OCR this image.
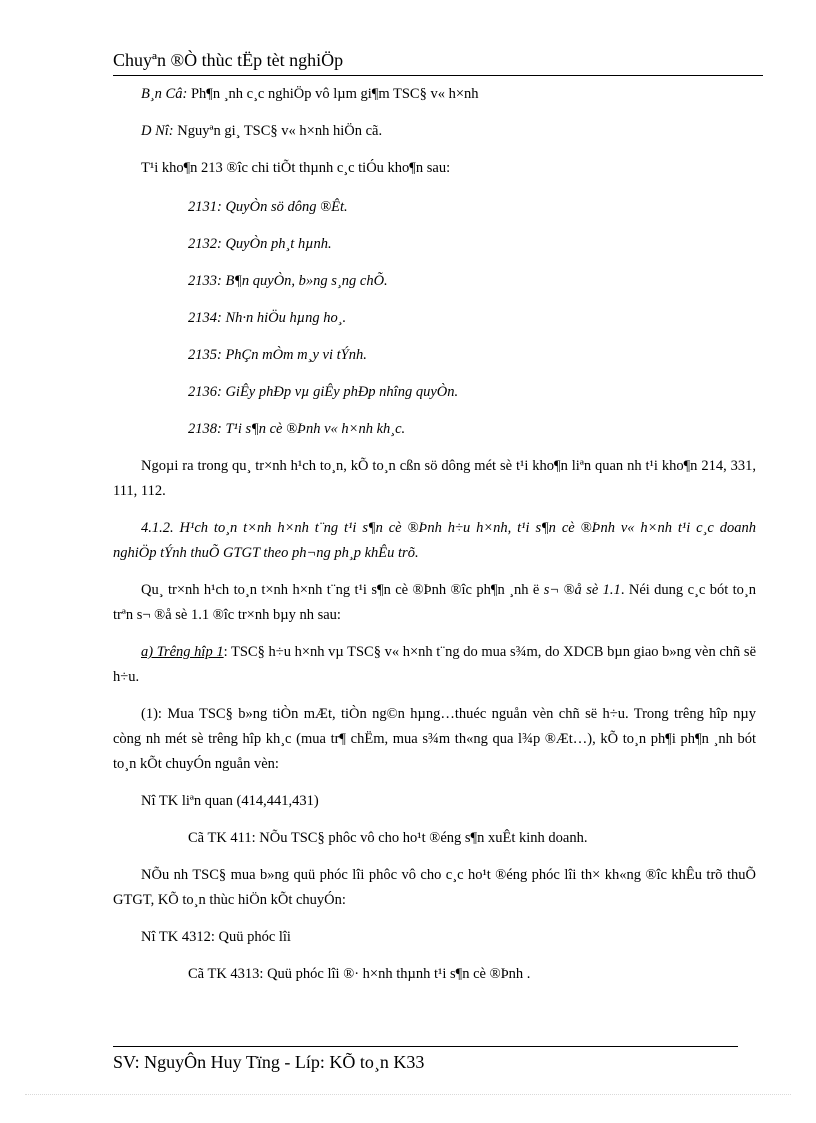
Chuyªn ®Ò thùc tËp tèt nghiÖp

B¸n Câ: Ph¶n ¸nh c¸c nghiÖp vô lµm gi¶m TSC§ v« h×nh

D Nî: Nguyªn gi¸ TSC§ v« h×nh hiÖn cã.

T¹i kho¶n 213 ®îc chi tiÕt thµnh c¸c tiÓu kho¶n sau:

2131: QuyÒn sö dông ®Êt.

2132: QuyÒn ph¸t hµnh.

2133: B¶n quyÒn, b»ng s¸ng chÕ.

2134: Nh·n hiÖu hµng ho¸.

2135: PhÇn mÒm m¸y vi tÝnh.

2136: GiÊy phÐp vµ giÊy phÐp nhîng quyÒn.

2138: T¹i s¶n cè ®Þnh v« h×nh kh¸c.

Ngoµi ra trong qu¸ tr×nh h¹ch to¸n, kÕ to¸n cßn sö dông mét sè t¹i kho¶n liªn quan nh t¹i kho¶n 214, 331, 111, 112.

4.1.2. H¹ch to¸n t×nh h×nh t¨ng t¹i s¶n cè ®Þnh h÷u h×nh, t¹i s¶n cè ®Þnh v« h×nh t¹i c¸c doanh nghiÖp tÝnh thuÕ GTGT theo ph¬ng ph¸p khÊu trõ.

Qu¸ tr×nh h¹ch to¸n t×nh h×nh t¨ng t¹i s¶n cè ®Þnh ®îc ph¶n ¸nh ë s¬ ®å sè 1.1. Néi dung c¸c bót to¸n trªn s¬ ®å sè 1.1 ®îc tr×nh bµy nh sau:

a) Trêng hîp 1: TSC§ h÷u h×nh vµ TSC§ v« h×nh t¨ng do mua s¾m, do XDCB bµn giao b»ng vèn chñ së h÷u.

(1): Mua TSC§ b»ng tiÒn mÆt, tiÒn ng©n hµng…thuéc nguån vèn chñ së h÷u. Trong trêng hîp nµy còng nh mét sè trêng hîp kh¸c (mua tr¶ chËm, mua s¾m th«ng qua l¾p ®Æt…), kÕ to¸n ph¶i ph¶n ¸nh bót to¸n kÕt chuyÓn nguån vèn:

Nî TK liªn quan (414,441,431)

Cã TK 411: NÕu TSC§ phôc vô cho ho¹t ®éng s¶n xuÊt kinh doanh.

NÕu nh TSC§ mua b»ng quü phóc lîi phôc vô cho c¸c ho¹t ®éng phóc lîi th× kh«ng ®îc khÊu trõ thuÕ GTGT, KÕ to¸n thùc hiÖn kÕt chuyÓn:

Nî TK 4312: Quü phóc lîi

Cã TK 4313: Quü phóc lîi ®· h×nh thµnh t¹i s¶n cè ®Þnh .

SV: NguyÔn Huy Tïng - Líp: KÕ to¸n K33
